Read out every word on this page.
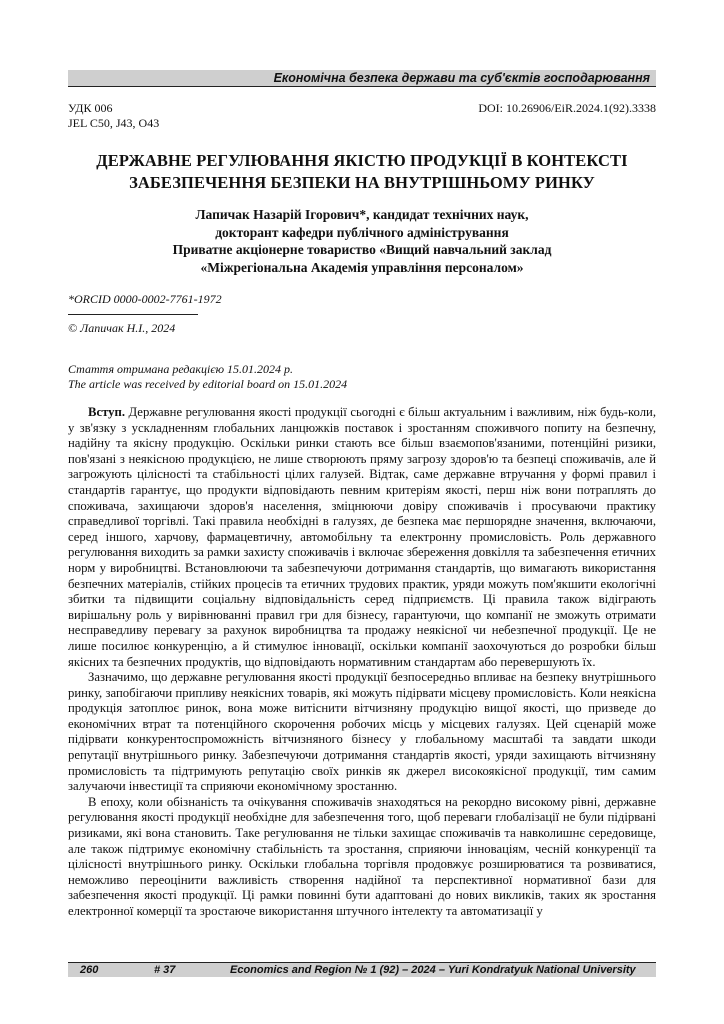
Економічна безпека держави та суб'єктів господарювання
УДК 006
JEL C50, J43, O43
DOI: 10.26906/EiR.2024.1(92).3338
ДЕРЖАВНЕ РЕГУЛЮВАННЯ ЯКІСТЮ ПРОДУКЦІЇ В КОНТЕКСТІ
ЗАБЕЗПЕЧЕННЯ БЕЗПЕКИ НА ВНУТРІШНЬОМУ РИНКУ
Лапичак Назарій Ігорович*, кандидат технічних наук,
докторант кафедри публічного адміністрування
Приватне акціонерне товариство «Вищий навчальний заклад
«Міжрегіональна Академія управління персоналом»
*ORCID 0000-0002-7761-1972
© Лапичак Н.І., 2024
Стаття отримана редакцією 15.01.2024 р.
The article was received by editorial board on 15.01.2024

Вступ. Державне регулювання якості продукції сьогодні є більш актуальним і важливим, ніж будь-коли, у зв'язку з ускладненням глобальних ланцюжків поставок і зростанням споживчого попиту на безпечну, надійну та якісну продукцію. Оскільки ринки стають все більш взаємопов'язаними, потенційні ризики, пов'язані з неякісною продукцією, не лише створюють пряму загрозу здоров'ю та безпеці споживачів, але й загрожують цілісності та стабільності цілих галузей. Відтак, саме державне втручання у формі правил і стандартів гарантує, що продукти відповідають певним критеріям якості, перш ніж вони потраплять до споживача, захищаючи здоров'я населення, зміцнюючи довіру споживачів і просуваючи практику справедливої торгівлі. Такі правила необхідні в галузях, де безпека має першорядне значення, включаючи, серед іншого, харчову, фармацевтичну, автомобільну та електронну промисловість. Роль державного регулювання виходить за рамки захисту споживачів і включає збереження довкілля та забезпечення етичних норм у виробництві. Встановлюючи та забезпечуючи дотримання стандартів, що вимагають використання безпечних матеріалів, стійких процесів та етичних трудових практик, уряди можуть пом'якшити екологічні збитки та підвищити соціальну відповідальність серед підприємств. Ці правила також відіграють вирішальну роль у вирівнюванні правил гри для бізнесу, гарантуючи, що компанії не зможуть отримати несправедливу перевагу за рахунок виробництва та продажу неякісної чи небезпечної продукції. Це не лише посилює конкуренцію, а й стимулює інновації, оскільки компанії заохочуються до розробки більш якісних та безпечних продуктів, що відповідають нормативним стандартам або перевершують їх.

Зазначимо, що державне регулювання якості продукції безпосередньо впливає на безпеку внутрішнього ринку, запобігаючи припливу неякісних товарів, які можуть підірвати місцеву промисловість. Коли неякісна продукція затоплює ринок, вона може витіснити вітчизняну продукцію вищої якості, що призведе до економічних втрат та потенційного скорочення робочих місць у місцевих галузях. Цей сценарій може підірвати конкурентоспроможність вітчизняного бізнесу у глобальному масштабі та завдати шкоди репутації внутрішнього ринку. Забезпечуючи дотримання стандартів якості, уряди захищають вітчизняну промисловість та підтримують репутацію своїх ринків як джерел високоякісної продукції, тим самим залучаючи інвестиції та сприяючи економічному зростанню.

В епоху, коли обізнаність та очікування споживачів знаходяться на рекордно високому рівні, державне регулювання якості продукції необхідне для забезпечення того, щоб переваги глобалізації не були підірвані ризиками, які вона становить. Таке регулювання не тільки захищає споживачів та навколишнє середовище, але також підтримує економічну стабільність та зростання, сприяючи інноваціям, чесній конкуренції та цілісності внутрішнього ринку. Оскільки глобальна торгівля продовжує розширюватися та розвиватися, неможливо переоцінити важливість створення надійної та перспективної нормативної бази для забезпечення якості продукції. Ці рамки повинні бути адаптовані до нових викликів, таких як зростання електронної комерції та зростаюче використання штучного інтелекту та автоматизації у

260	# 37	Economics and Region № 1 (92) – 2024 – Yuri Kondratyuk National University
